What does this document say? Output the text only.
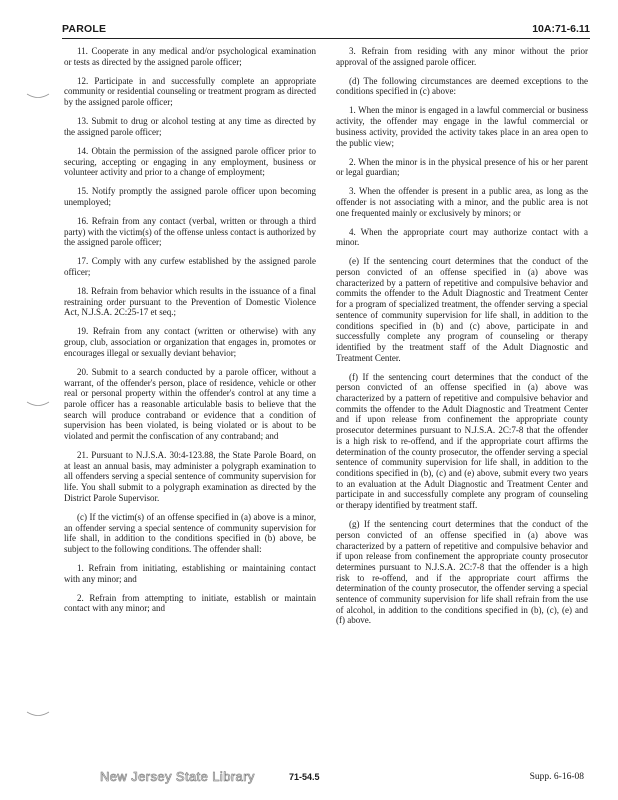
PAROLE	10A:71-6.11

11. Cooperate in any medical and/or psychological examination or tests as directed by the assigned parole officer;

12. Participate in and successfully complete an appropriate community or residential counseling or treatment program as directed by the assigned parole officer;

13. Submit to drug or alcohol testing at any time as directed by the assigned parole officer;

14. Obtain the permission of the assigned parole officer prior to securing, accepting or engaging in any employment, business or volunteer activity and prior to a change of employment;

15. Notify promptly the assigned parole officer upon becoming unemployed;

16. Refrain from any contact (verbal, written or through a third party) with the victim(s) of the offense unless contact is authorized by the assigned parole officer;

17. Comply with any curfew established by the assigned parole officer;

18. Refrain from behavior which results in the issuance of a final restraining order pursuant to the Prevention of Domestic Violence Act, N.J.S.A. 2C:25-17 et seq.;

19. Refrain from any contact (written or otherwise) with any group, club, association or organization that engages in, promotes or encourages illegal or sexually deviant behavior;

20. Submit to a search conducted by a parole officer, without a warrant, of the offender's person, place of residence, vehicle or other real or personal property within the offender's control at any time a parole officer has a reasonable articulable basis to believe that the search will produce contraband or evidence that a condition of supervision has been violated, is being violated or is about to be violated and permit the confiscation of any contraband; and

21. Pursuant to N.J.S.A. 30:4-123.88, the State Parole Board, on at least an annual basis, may administer a polygraph examination to all offenders serving a special sentence of community supervision for life. You shall submit to a polygraph examination as directed by the District Parole Supervisor.

(c) If the victim(s) of an offense specified in (a) above is a minor, an offender serving a special sentence of community supervision for life shall, in addition to the conditions specified in (b) above, be subject to the following conditions. The offender shall:

1. Refrain from initiating, establishing or maintaining contact with any minor; and

2. Refrain from attempting to initiate, establish or maintain contact with any minor; and

3. Refrain from residing with any minor without the prior approval of the assigned parole officer.

(d) The following circumstances are deemed exceptions to the conditions specified in (c) above:

1. When the minor is engaged in a lawful commercial or business activity, the offender may engage in the lawful commercial or business activity, provided the activity takes place in an area open to the public view;

2. When the minor is in the physical presence of his or her parent or legal guardian;

3. When the offender is present in a public area, as long as the offender is not associating with a minor, and the public area is not one frequented mainly or exclusively by minors; or

4. When the appropriate court may authorize contact with a minor.

(e) If the sentencing court determines that the conduct of the person convicted of an offense specified in (a) above was characterized by a pattern of repetitive and compulsive behavior and commits the offender to the Adult Diagnostic and Treatment Center for a program of specialized treatment, the offender serving a special sentence of community supervision for life shall, in addition to the conditions specified in (b) and (c) above, participate in and successfully complete any program of counseling or therapy identified by the treatment staff of the Adult Diagnostic and Treatment Center.

(f) If the sentencing court determines that the conduct of the person convicted of an offense specified in (a) above was characterized by a pattern of repetitive and compulsive behavior and commits the offender to the Adult Diagnostic and Treatment Center and if upon release from confinement the appropriate county prosecutor determines pursuant to N.J.S.A. 2C:7-8 that the offender is a high risk to re-offend, and if the appropriate court affirms the determination of the county prosecutor, the offender serving a special sentence of community supervision for life shall, in addition to the conditions specified in (b), (c) and (e) above, submit every two years to an evaluation at the Adult Diagnostic and Treatment Center and participate in and successfully complete any program of counseling or therapy identified by treatment staff.

(g) If the sentencing court determines that the conduct of the person convicted of an offense specified in (a) above was characterized by a pattern of repetitive and compulsive behavior and if upon release from confinement the appropriate county prosecutor determines pursuant to N.J.S.A. 2C:7-8 that the offender is a high risk to re-offend, and if the appropriate court affirms the determination of the county prosecutor, the offender serving a special sentence of community supervision for life shall refrain from the use of alcohol, in addition to the conditions specified in (b), (c), (e) and (f) above.

New Jersey State Library	71-54.5	Supp. 6-16-08
